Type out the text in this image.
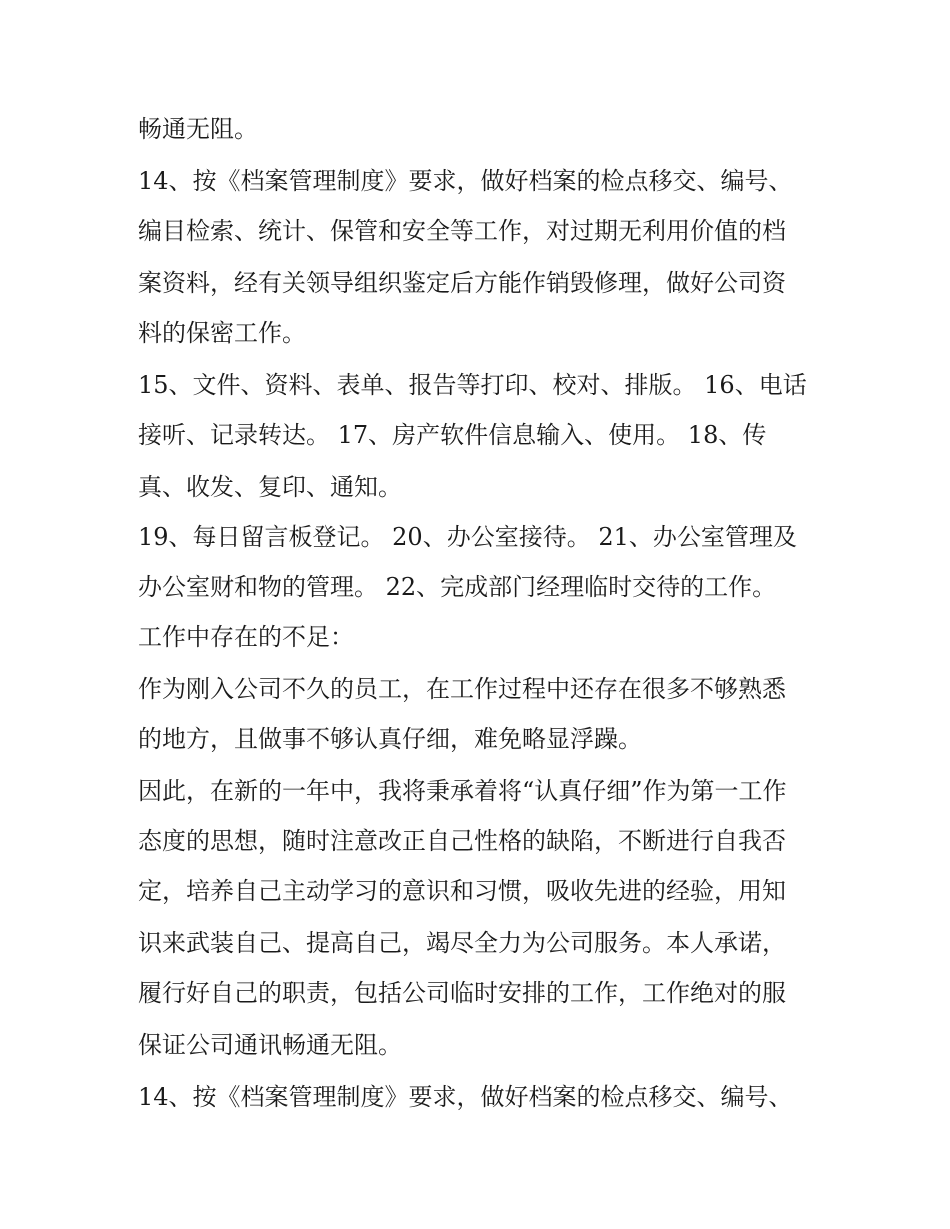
畅通无阻。
14、按《档案管理制度》要求，做好档案的检点移交、编号、
编目检索、统计、保管和安全等工作，对过期无利用价值的档
案资料，经有关领导组织鉴定后方能作销毁修理，做好公司资
料的保密工作。
15、文件、资料、表单、报告等打印、校对、排版。 16、电话
接听、记录转达。 17、房产软件信息输入、使用。 18、传
真、收发、复印、通知。
19、每日留言板登记。 20、办公室接待。 21、办公室管理及
办公室财和物的管理。 22、完成部门经理临时交待的工作。
工作中存在的不足：
作为刚入公司不久的员工，在工作过程中还存在很多不够熟悉
的地方，且做事不够认真仔细，难免略显浮躁。
因此，在新的一年中，我将秉承着将“认真仔细”作为第一工作
态度的思想，随时注意改正自己性格的缺陷，不断进行自我否
定，培养自己主动学习的意识和习惯，吸收先进的经验，用知
识来武装自己、提高自己，竭尽全力为公司服务。本人承诺，
履行好自己的职责，包括公司临时安排的工作，工作绝对的服
保证公司通讯畅通无阻。
14、按《档案管理制度》要求，做好档案的检点移交、编号、
